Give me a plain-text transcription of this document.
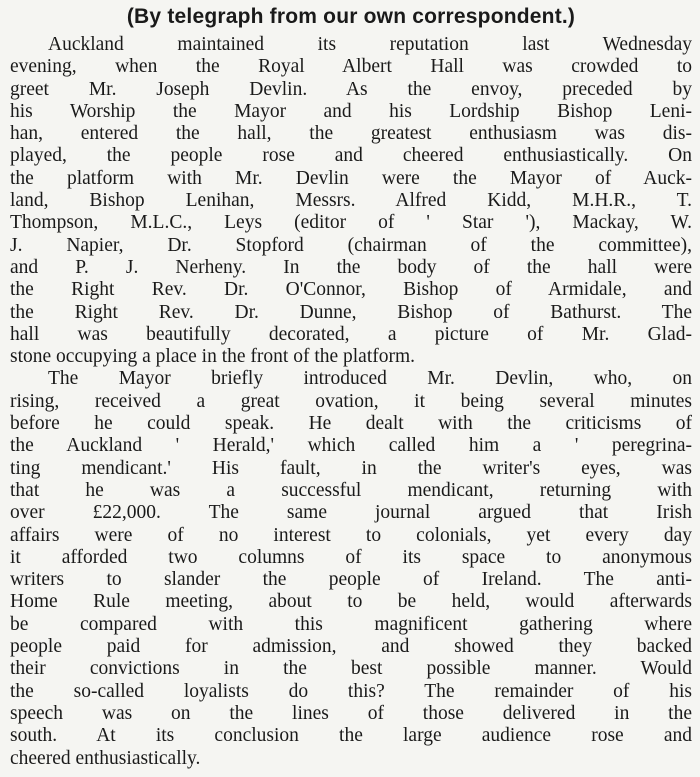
(By telegraph from our own correspondent.)
Auckland maintained its reputation last Wednesday
evening, when the Royal Albert Hall was crowded to
greet Mr. Joseph Devlin. As the envoy, preceded by
his Worship the Mayor and his Lordship Bishop Leni-
han, entered the hall, the greatest enthusiasm was dis-
played, the people rose and cheered enthusiastically. On
the platform with Mr. Devlin were the Mayor of Auck-
land, Bishop Lenihan, Messrs. Alfred Kidd, M.H.R., T.
Thompson, M.L.C., Leys (editor of ' Star '), Mackay, W.
J. Napier, Dr. Stopford (chairman of the committee),
and P. J. Nerheny. In the body of the hall were
the Right Rev. Dr. O'Connor, Bishop of Armidale, and
the Right Rev. Dr. Dunne, Bishop of Bathurst. The
hall was beautifully decorated, a picture of Mr. Glad-
stone occupying a place in the front of the platform.
The Mayor briefly introduced Mr. Devlin, who, on
rising, received a great ovation, it being several minutes
before he could speak. He dealt with the criticisms of
the Auckland ' Herald,' which called him a ' peregrina-
ting mendicant.' His fault, in the writer's eyes, was
that he was a successful mendicant, returning with
over £22,000. The same journal argued that Irish
affairs were of no interest to colonials, yet every day
it afforded two columns of its space to anonymous
writers to slander the people of Ireland. The anti-
Home Rule meeting, about to be held, would afterwards
be compared with this magnificent gathering where
people paid for admission, and showed they backed
their convictions in the best possible manner. Would
the so-called loyalists do this? The remainder of his
speech was on the lines of those delivered in the
south. At its conclusion the large audience rose and
cheered enthusiastically.
